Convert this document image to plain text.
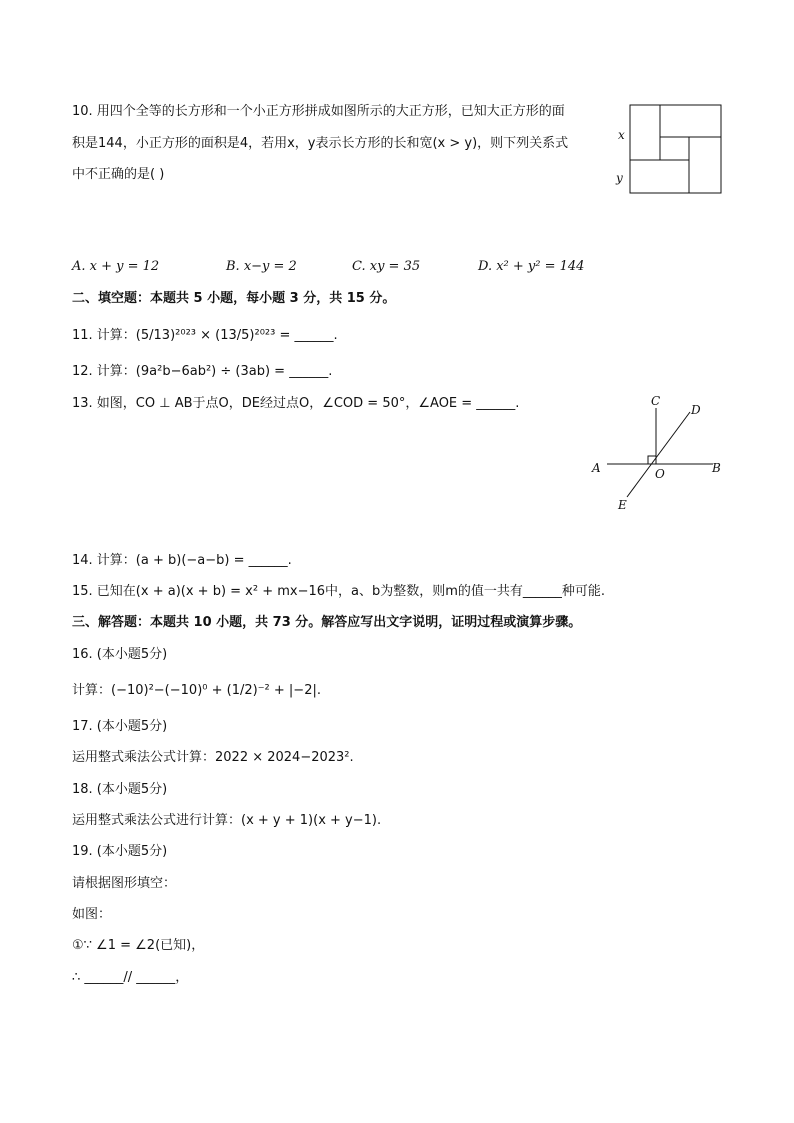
10. 用四个全等的长方形和一个小正方形拼成如图所示的大正方形，已知大正方形的面
积是144，小正方形的面积是4，若用x，y表示长方形的长和宽(x > y)，则下列关系式
中不正确的是( )
x
y
A. x + y = 12	B. x−y = 2	C. xy = 35	D. x² + y² = 144
二、填空题：本题共 5 小题，每小题 3 分，共 15 分。
11. 计算：(5/13)²⁰²³ × (13/5)²⁰²³ = ______.
12. 计算：(9a²b−6ab²) ÷ (3ab) = ______.
13. 如图，CO ⊥ AB于点O，DE经过点O，∠COD = 50°，∠AOE = ______.	C
D
A	B
O
E
14. 计算：(a + b)(−a−b) = ______.
15. 已知在(x + a)(x + b) = x² + mx−16中，a、b为整数，则m的值一共有______种可能.
三、解答题：本题共 10 小题，共 73 分。解答应写出文字说明，证明过程或演算步骤。
16. (本小题5分)
计算：(−10)²−(−10)⁰ + (1/2)⁻² + |−2|.
17. (本小题5分)
运用整式乘法公式计算：2022 × 2024−2023².
18. (本小题5分)
运用整式乘法公式进行计算：(x + y + 1)(x + y−1).
19. (本小题5分)
请根据图形填空：
如图：
①∵ ∠1 = ∠2(已知)，
∴ ______// ______，
